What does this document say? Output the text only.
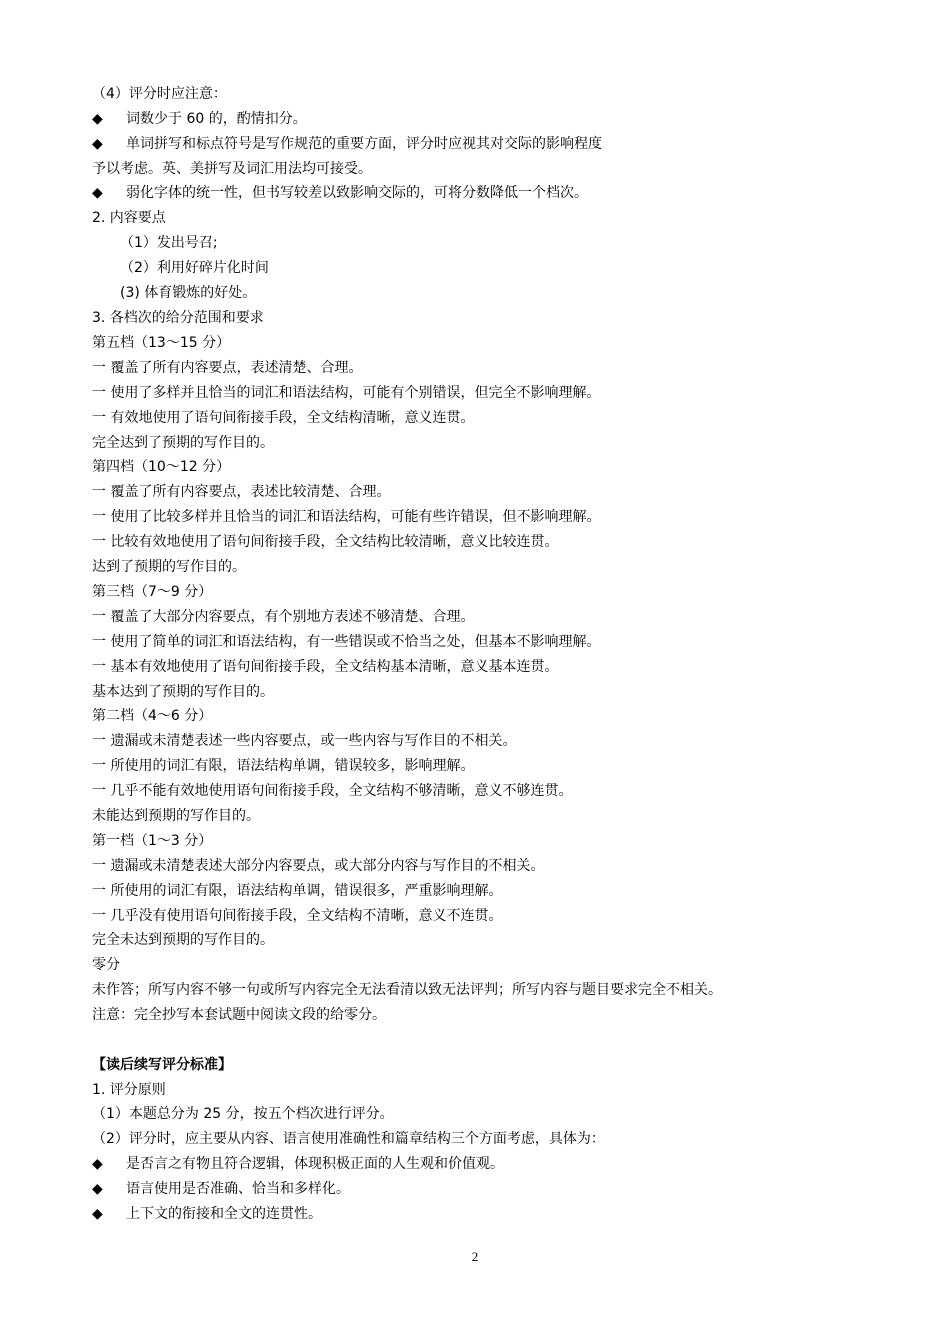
（4）评分时应注意：
◆ 词数少于 60 的，酌情扣分。
◆ 单词拼写和标点符号是写作规范的重要方面，评分时应视其对交际的影响程度
予以考虑。英、美拼写及词汇用法均可接受。
◆ 弱化字体的统一性，但书写较差以致影响交际的，可将分数降低一个档次。
2. 内容要点
（1）发出号召;
（2）利用好碎片化时间
(3) 体育锻炼的好处。
3. 各档次的给分范围和要求
第五档（13～15 分）
一 覆盖了所有内容要点，表述清楚、合理。
一 使用了多样并且恰当的词汇和语法结构，可能有个别错误，但完全不影响理解。
一 有效地使用了语句间衔接手段，全文结构清晰，意义连贯。
完全达到了预期的写作目的。
第四档（10～12 分）
一 覆盖了所有内容要点，表述比较清楚、合理。
一 使用了比较多样并且恰当的词汇和语法结构，可能有些许错误，但不影响理解。
一 比较有效地使用了语句间衔接手段，全文结构比较清晰，意义比较连贯。
达到了预期的写作目的。
第三档（7～9 分）
一 覆盖了大部分内容要点，有个别地方表述不够清楚、合理。
一 使用了简单的词汇和语法结构，有一些错误或不恰当之处，但基本不影响理解。
一 基本有效地使用了语句间衔接手段，全文结构基本清晰，意义基本连贯。
基本达到了预期的写作目的。
第二档（4～6 分）
一 遗漏或未清楚表述一些内容要点，或一些内容与写作目的不相关。
一 所使用的词汇有限，语法结构单调，错误较多，影响理解。
一 几乎不能有效地使用语句间衔接手段，全文结构不够清晰，意义不够连贯。
未能达到预期的写作目的。
第一档（1～3 分）
一 遗漏或未清楚表述大部分内容要点，或大部分内容与写作目的不相关。
一 所使用的词汇有限，语法结构单调，错误很多，严重影响理解。
一 几乎没有使用语句间衔接手段，全文结构不清晰，意义不连贯。
完全未达到预期的写作目的。
零分
未作答；所写内容不够一句或所写内容完全无法看清以致无法评判；所写内容与题目要求完全不相关。
注意：完全抄写本套试题中阅读文段的给零分。
【读后续写评分标准】
1. 评分原则
（1）本题总分为 25 分，按五个档次进行评分。
（2）评分时，应主要从内容、语言使用准确性和篇章结构三个方面考虑，具体为：
◆ 是否言之有物且符合逻辑，体现积极正面的人生观和价值观。
◆ 语言使用是否准确、恰当和多样化。
◆ 上下文的衔接和全文的连贯性。
2
